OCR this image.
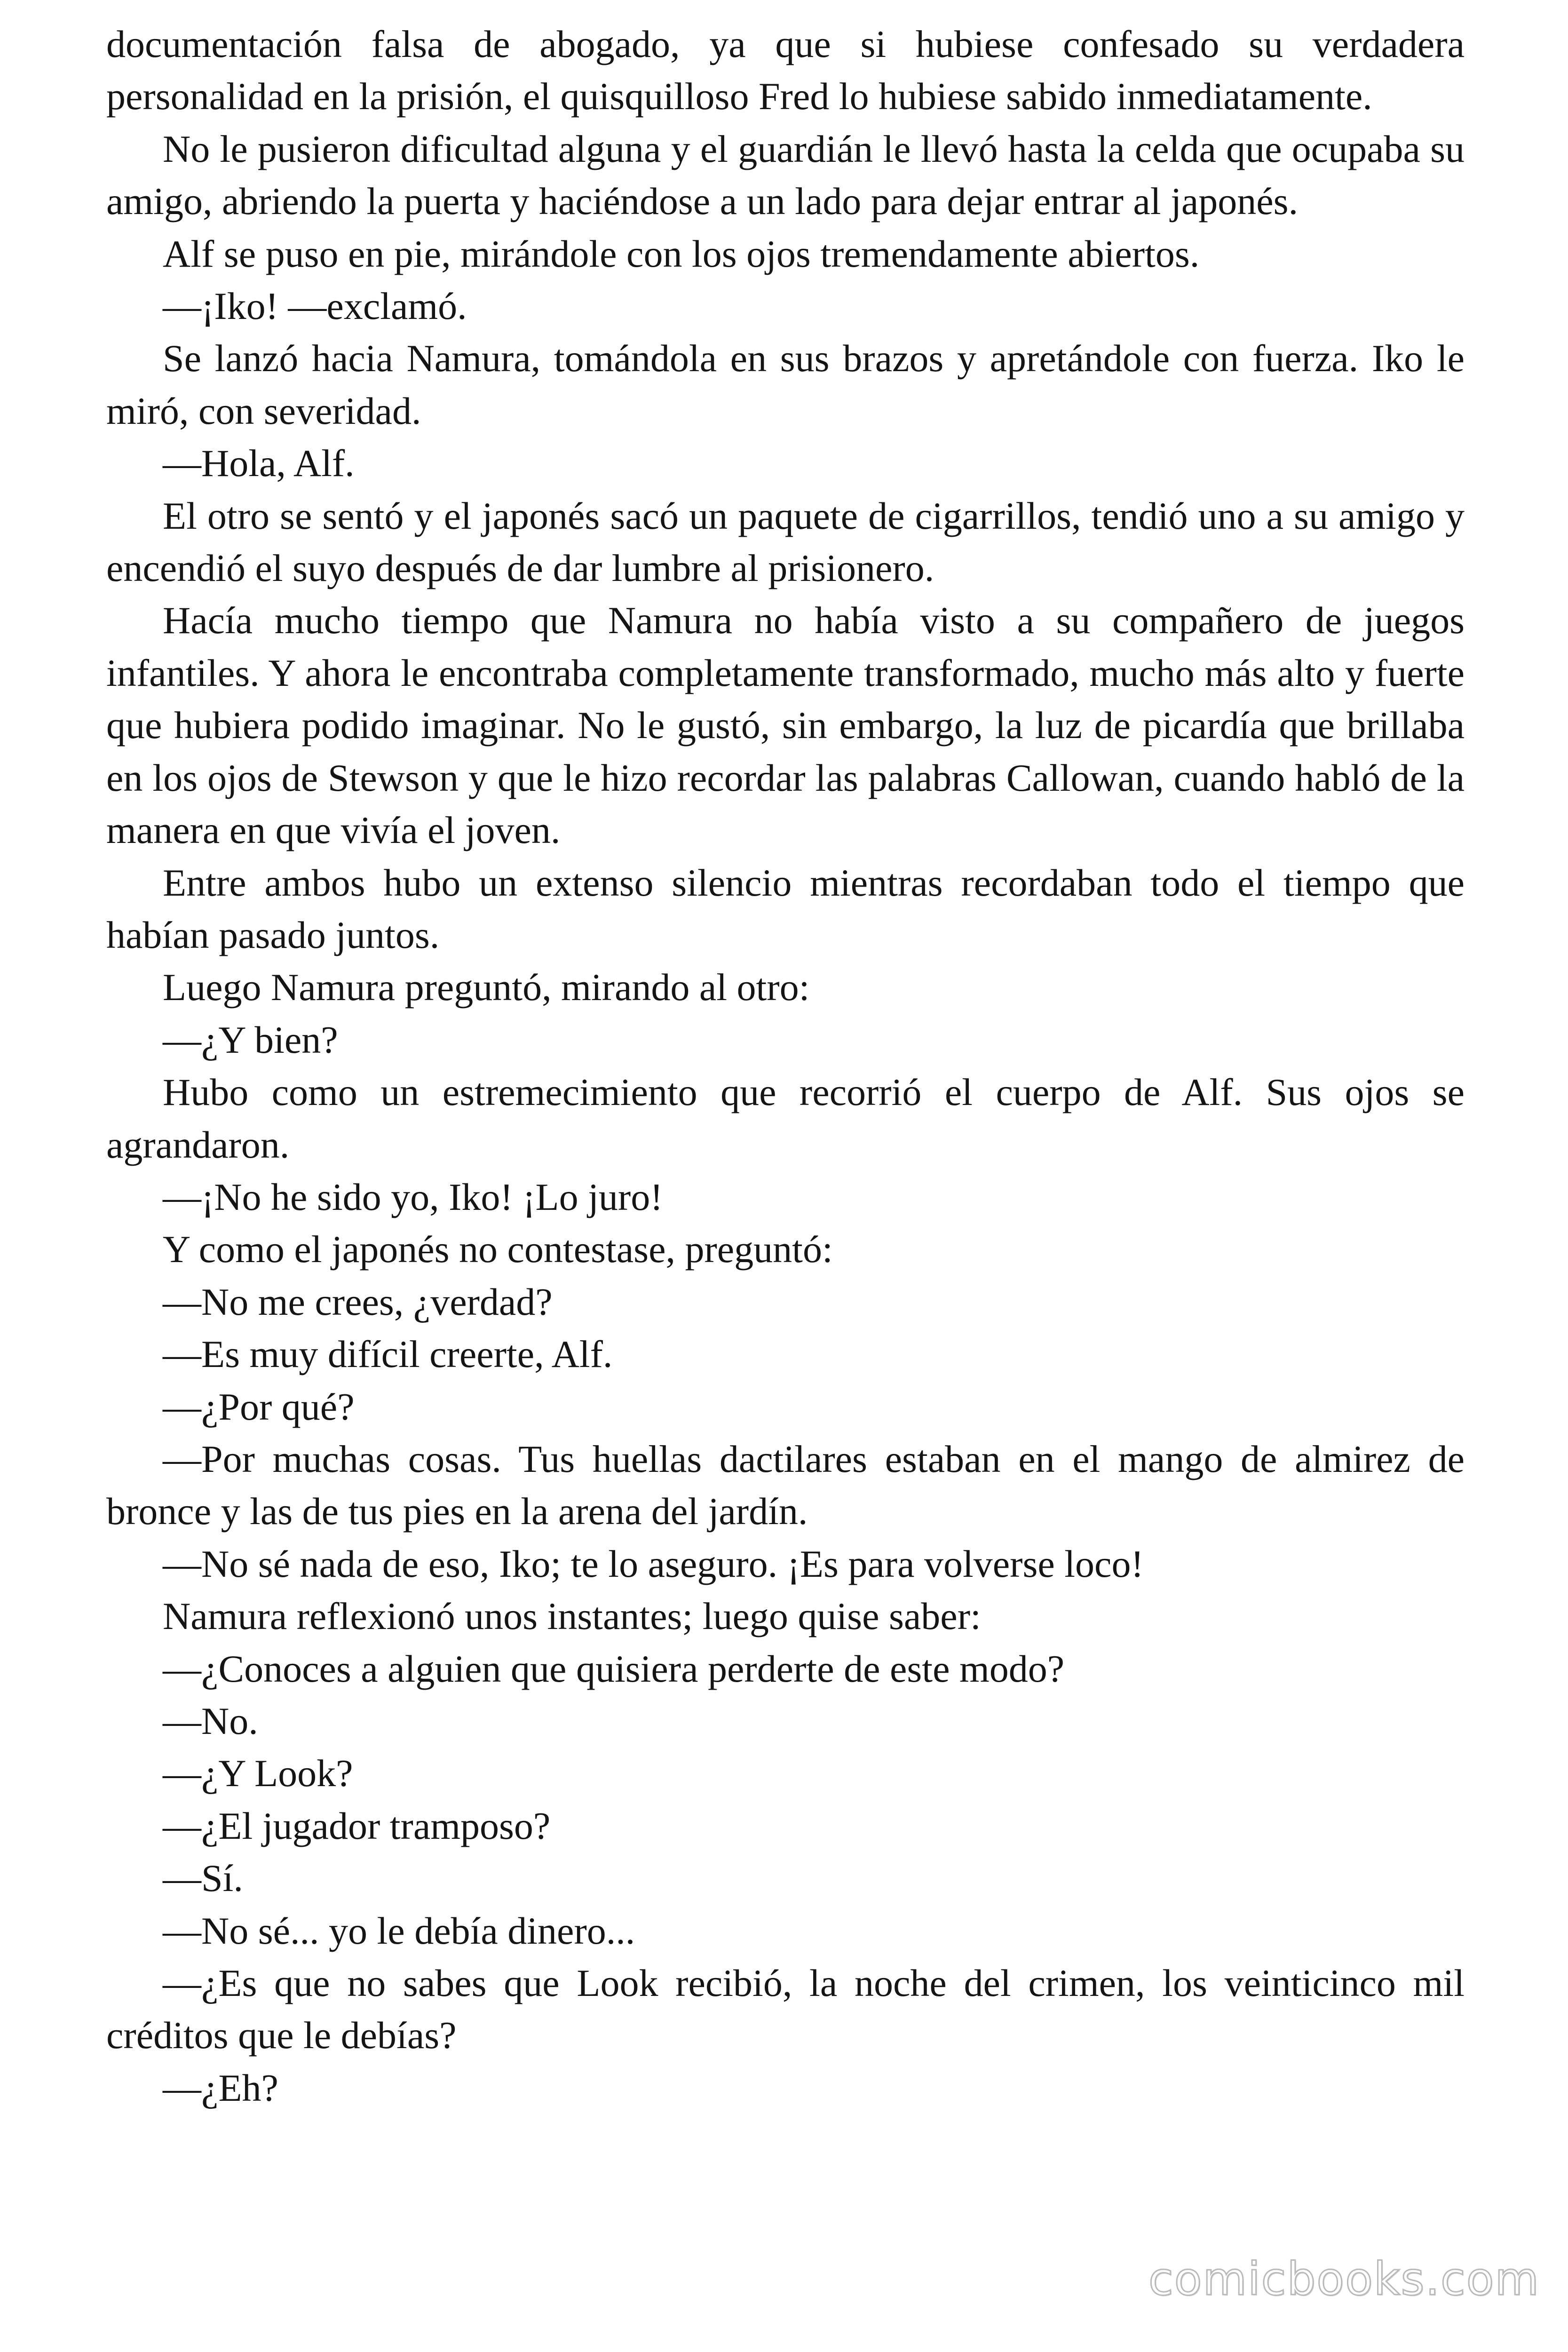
documentación falsa de abogado, ya que si hubiese confesado su verdadera personalidad en la prisión, el quisquilloso Fred lo hubiese sabido inmediatamente.

No le pusieron dificultad alguna y el guardián le llevó hasta la celda que ocupaba su amigo, abriendo la puerta y haciéndose a un lado para dejar entrar al japonés.

Alf se puso en pie, mirándole con los ojos tremendamente abiertos.

—¡Iko! —exclamó.

Se lanzó hacia Namura, tomándola en sus brazos y apretándole con fuerza. Iko le miró, con severidad.

—Hola, Alf.

El otro se sentó y el japonés sacó un paquete de cigarrillos, tendió uno a su amigo y encendió el suyo después de dar lumbre al prisionero.

Hacía mucho tiempo que Namura no había visto a su compañero de juegos infantiles. Y ahora le encontraba completamente transformado, mucho más alto y fuerte que hubiera podido imaginar. No le gustó, sin embargo, la luz de picardía que brillaba en los ojos de Stewson y que le hizo recordar las palabras Callowan, cuando habló de la manera en que vivía el joven.

Entre ambos hubo un extenso silencio mientras recordaban todo el tiempo que habían pasado juntos.

Luego Namura preguntó, mirando al otro:

—¿Y bien?

Hubo como un estremecimiento que recorrió el cuerpo de Alf. Sus ojos se agrandaron.

—¡No he sido yo, Iko! ¡Lo juro!

Y como el japonés no contestase, preguntó:

—No me crees, ¿verdad?

—Es muy difícil creerte, Alf.

—¿Por qué?

—Por muchas cosas. Tus huellas dactilares estaban en el mango de almirez de bronce y las de tus pies en la arena del jardín.

—No sé nada de eso, Iko; te lo aseguro. ¡Es para volverse loco!

Namura reflexionó unos instantes; luego quise saber:

—¿Conoces a alguien que quisiera perderte de este modo?

—No.

—¿Y Look?

—¿El jugador tramposo?

—Sí.

—No sé... yo le debía dinero...

—¿Es que no sabes que Look recibió, la noche del crimen, los veinticinco mil créditos que le debías?

—¿Eh?

comicbooks.com
